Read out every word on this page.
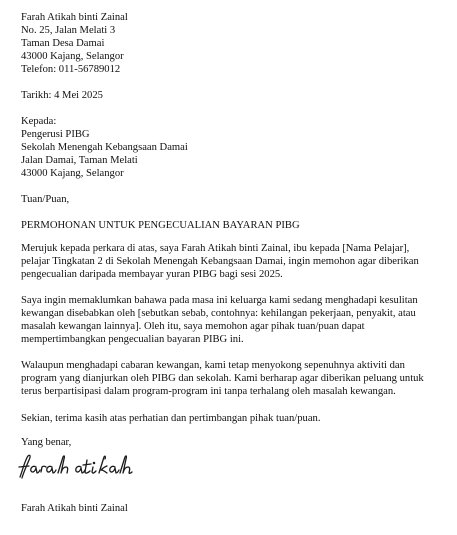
Farah Atikah binti Zainal
No. 25, Jalan Melati 3
Taman Desa Damai
43000 Kajang, Selangor
Telefon: 011-56789012
Tarikh: 4 Mei 2025
Kepada:
Pengerusi PIBG
Sekolah Menengah Kebangsaan Damai
Jalan Damai, Taman Melati
43000 Kajang, Selangor
Tuan/Puan,
PERMOHONAN UNTUK PENGECUALIAN BAYARAN PIBG
Merujuk kepada perkara di atas, saya Farah Atikah binti Zainal, ibu kepada [Nama Pelajar],
pelajar Tingkatan 2 di Sekolah Menengah Kebangsaan Damai, ingin memohon agar diberikan
pengecualian daripada membayar yuran PIBG bagi sesi 2025.
Saya ingin memaklumkan bahawa pada masa ini keluarga kami sedang menghadapi kesulitan
kewangan disebabkan oleh [sebutkan sebab, contohnya: kehilangan pekerjaan, penyakit, atau
masalah kewangan lainnya]. Oleh itu, saya memohon agar pihak tuan/puan dapat
mempertimbangkan pengecualian bayaran PIBG ini.
Walaupun menghadapi cabaran kewangan, kami tetap menyokong sepenuhnya aktiviti dan
program yang dianjurkan oleh PIBG dan sekolah. Kami berharap agar diberikan peluang untuk
terus berpartisipasi dalam program-program ini tanpa terhalang oleh masalah kewangan.
Sekian, terima kasih atas perhatian dan pertimbangan pihak tuan/puan.
Yang benar,
Farah Atikah binti Zainal
